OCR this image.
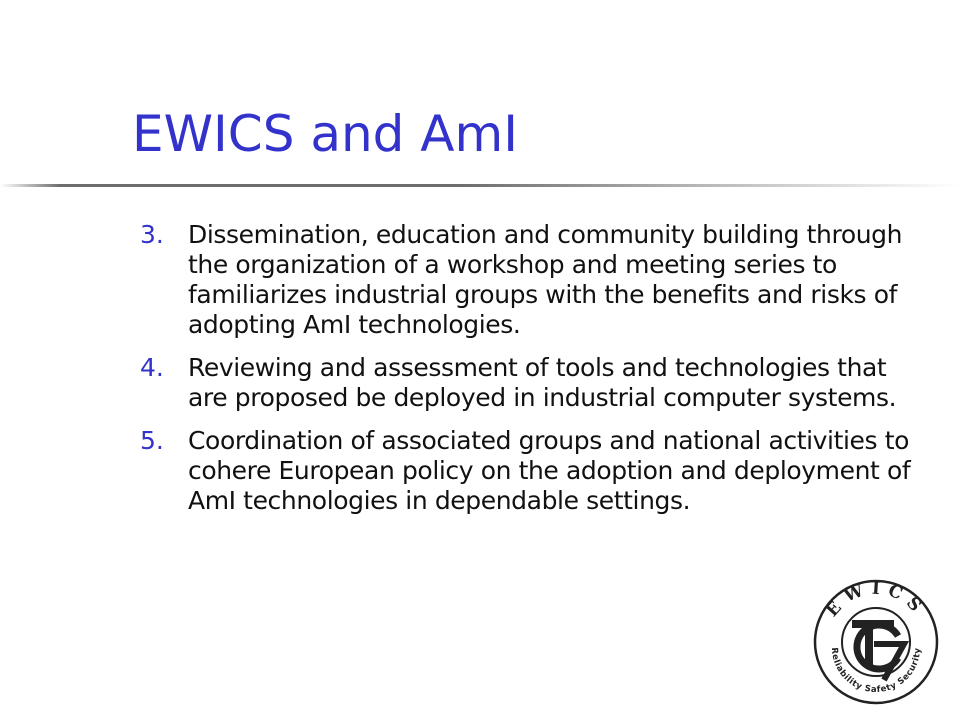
EWICS and AmI
3. Dissemination, education and community building through the organization of a workshop and meeting series to familiarizes industrial groups with the benefits and risks of adopting AmI technologies.
4. Reviewing and assessment of tools and technologies that are proposed be deployed in industrial computer systems.
5. Coordination of associated groups and national activities to cohere European policy on the adoption and deployment of AmI technologies in dependable settings.
EWICS
Reliability Safety Security
